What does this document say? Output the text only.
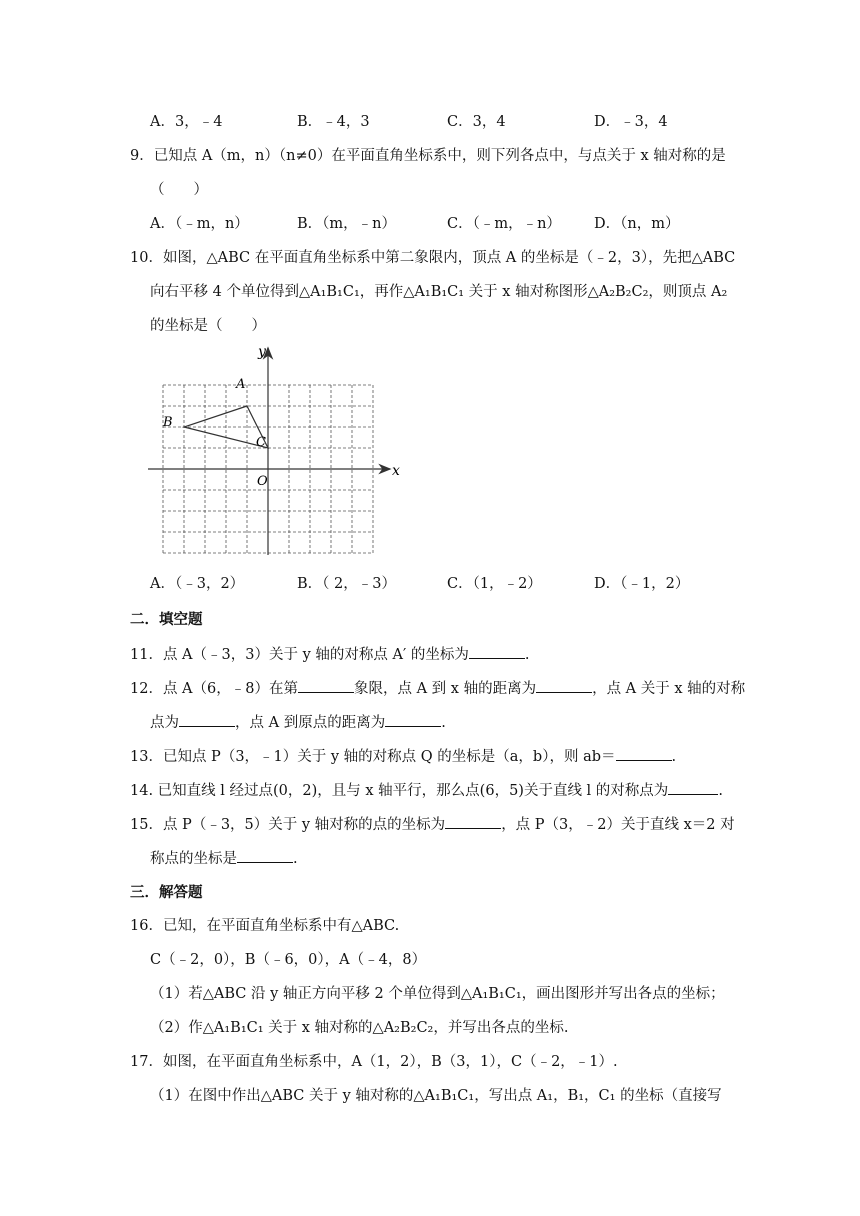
A．3，﹣4	B．﹣4，3	C．3，4	D．﹣3，4
9．已知点 A（m，n）（n≠0）在平面直角坐标系中，则下列各点中，与点关于 x 轴对称的是
（　　）
A．（﹣m，n）	B．（m，﹣n）	C．（﹣m，﹣n） D．（n，m）
10．如图，△ABC 在平面直角坐标系中第二象限内，顶点 A 的坐标是（﹣2，3），先把△ABC
向右平移 4 个单位得到△A₁B₁C₁，再作△A₁B₁C₁ 关于 x 轴对称图形△A₂B₂C₂，则顶点 A₂
的坐标是（　　）
x
y
O
A
B
C
A．（﹣3，2）	B．（ 2，﹣3）	C．（1，﹣2）	D．（﹣1，2）
二．填空题
11．点 A（﹣3，3）关于 y 轴的对称点 A′ 的坐标为	.
12．点 A（6，﹣8）在第	象限，点 A 到 x 轴的距离为	，点 A 关于 x 轴的对称
点为	，点 A 到原点的距离为	.
13．已知点 P（3，﹣1）关于 y 轴的对称点 Q 的坐标是（a，b），则 ab＝	.
14. 已知直线 l 经过点(0，2)，且与 x 轴平行，那么点(6，5)关于直线 l 的对称点为	.
15．点 P（﹣3，5）关于 y 轴对称的点的坐标为	，点 P（3，﹣2）关于直线 x＝2 对
称点的坐标是	.
三．解答题
16．已知，在平面直角坐标系中有△ABC.
C（﹣2，0），B（﹣6，0），A（﹣4，8）
（1）若△ABC 沿 y 轴正方向平移 2 个单位得到△A₁B₁C₁，画出图形并写出各点的坐标；
（2）作△A₁B₁C₁ 关于 x 轴对称的△A₂B₂C₂，并写出各点的坐标.
17．如图，在平面直角坐标系中，A（1，2），B（3，1），C（﹣2，﹣1）.
（1）在图中作出△ABC 关于 y 轴对称的△A₁B₁C₁，写出点 A₁，B₁，C₁ 的坐标（直接写
